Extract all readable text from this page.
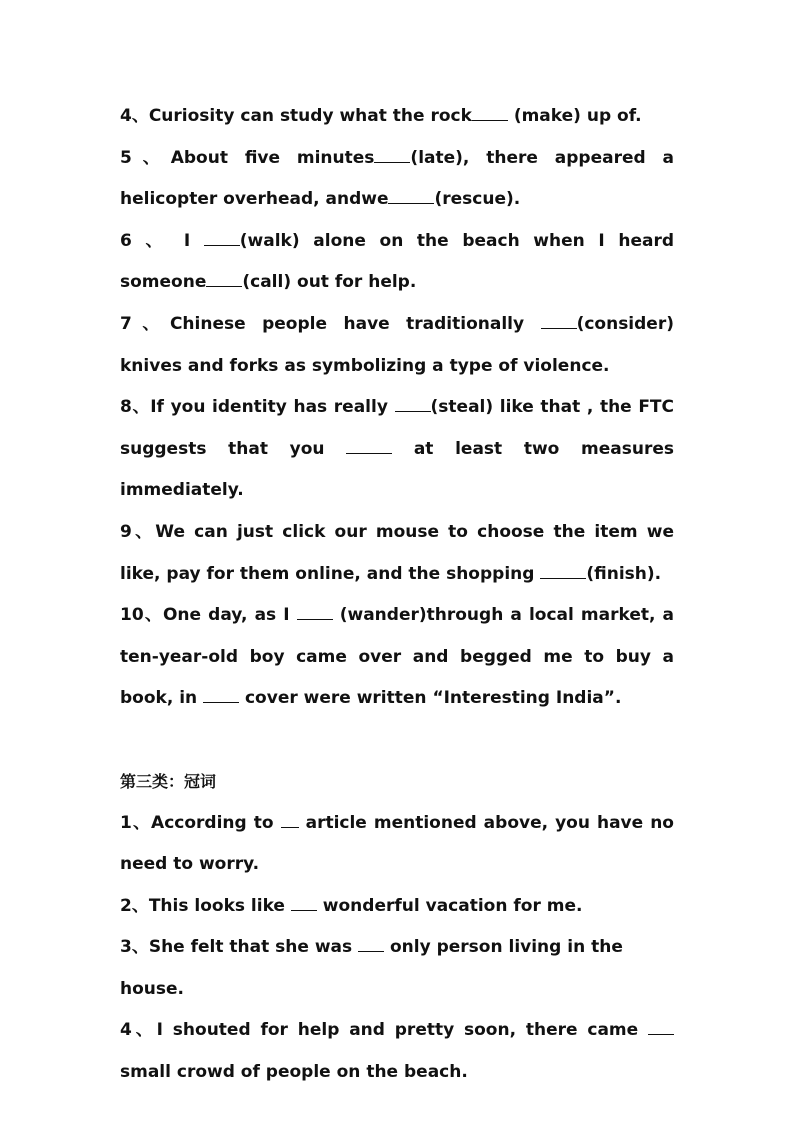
4、Curiosity can study what the rock (make) up of.

5、About five minutes (late), there appeared a helicopter overhead, andwe	(rescue).

6 、 I (walk) alone on the beach when I heard someone (call) out for help.

7、Chinese people have traditionally (consider) knives and forks as symbolizing a type of violence.

8、If you identity has really (steal) like that , the FTC suggests that you	at least two measures immediately.

9、We can just click our mouse to choose the item we like, pay for them online, and the shopping	(finish).

10、One day, as I  (wander)through a local market, a ten-year-old boy came over and begged me to buy a book, in  cover were written “Interesting India”.

第三类：冠词

1、According to  article mentioned above, you have no need to worry.

2、This looks like  wonderful vacation for me.

3、She felt that she was  only person living in the house.

4、I shouted for help and pretty soon, there came  small crowd of people on the beach.
